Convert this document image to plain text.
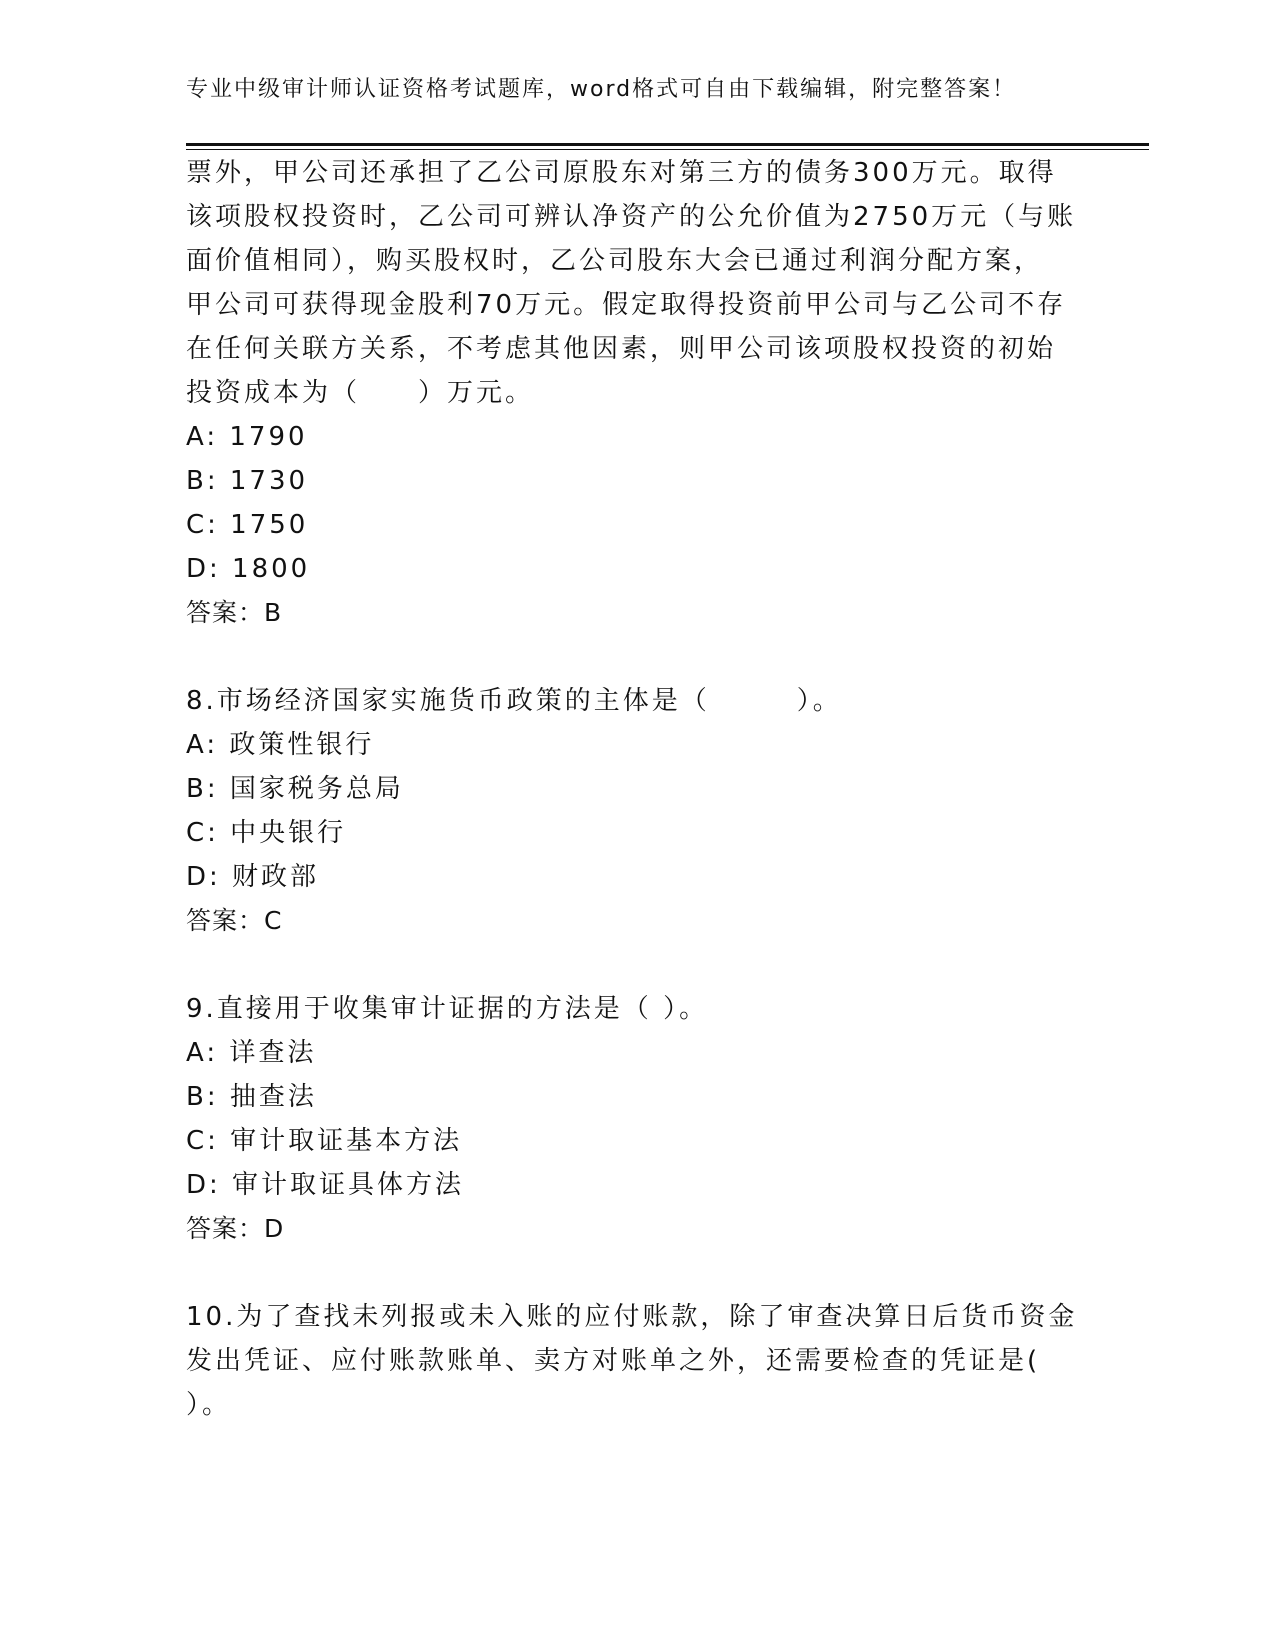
专业中级审计师认证资格考试题库，word格式可自由下载编辑，附完整答案！
票外，甲公司还承担了乙公司原股东对第三方的债务300万元。取得
该项股权投资时，乙公司可辨认净资产的公允价值为2750万元（与账
面价值相同），购买股权时，乙公司股东大会已通过利润分配方案，
甲公司可获得现金股利70万元。假定取得投资前甲公司与乙公司不存
在任何关联方关系，不考虑其他因素，则甲公司该项股权投资的初始
投资成本为（　　）万元。
A: 1790
B: 1730
C: 1750
D: 1800
答案：B
8.市场经济国家实施货币政策的主体是（　　　）。
A: 政策性银行
B: 国家税务总局
C: 中央银行
D: 财政部
答案：C
9.直接用于收集审计证据的方法是（ ）。
A: 详查法
B: 抽查法
C: 审计取证基本方法
D: 审计取证具体方法
答案：D
10.为了查找未列报或未入账的应付账款，除了审查决算日后货币资金
发出凭证、应付账款账单、卖方对账单之外，还需要检查的凭证是(
）。
